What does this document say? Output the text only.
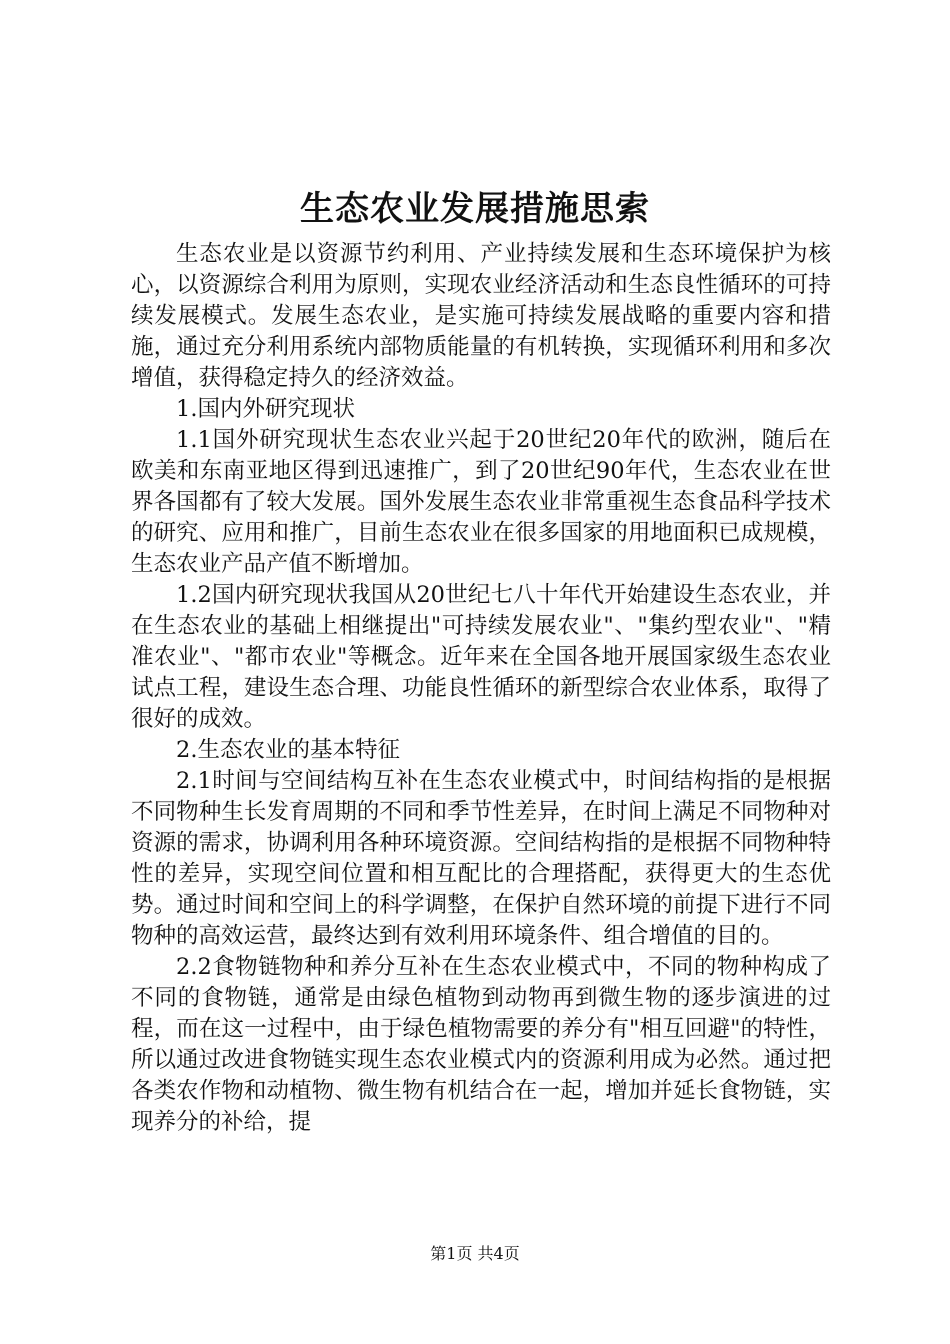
生态农业发展措施思索

生态农业是以资源节约利用、产业持续发展和生态环境保护为核心，以资源综合利用为原则，实现农业经济活动和生态良性循环的可持续发展模式。发展生态农业，是实施可持续发展战略的重要内容和措施，通过充分利用系统内部物质能量的有机转换，实现循环利用和多次增值，获得稳定持久的经济效益。

1.国内外研究现状

1.1国外研究现状生态农业兴起于20世纪20年代的欧洲，随后在欧美和东南亚地区得到迅速推广，到了20世纪90年代，生态农业在世界各国都有了较大发展。国外发展生态农业非常重视生态食品科学技术的研究、应用和推广，目前生态农业在很多国家的用地面积已成规模，生态农业产品产值不断增加。

1.2国内研究现状我国从20世纪七八十年代开始建设生态农业，并在生态农业的基础上相继提出"可持续发展农业"、"集约型农业"、"精准农业"、"都市农业"等概念。近年来在全国各地开展国家级生态农业试点工程，建设生态合理、功能良性循环的新型综合农业体系，取得了很好的成效。

2.生态农业的基本特征

2.1时间与空间结构互补在生态农业模式中，时间结构指的是根据不同物种生长发育周期的不同和季节性差异，在时间上满足不同物种对资源的需求，协调利用各种环境资源。空间结构指的是根据不同物种特性的差异，实现空间位置和相互配比的合理搭配，获得更大的生态优势。通过时间和空间上的科学调整，在保护自然环境的前提下进行不同物种的高效运营，最终达到有效利用环境条件、组合增值的目的。

2.2食物链物种和养分互补在生态农业模式中，不同的物种构成了不同的食物链，通常是由绿色植物到动物再到微生物的逐步演进的过程，而在这一过程中，由于绿色植物需要的养分有"相互回避"的特性，所以通过改进食物链实现生态农业模式内的资源利用成为必然。通过把各类农作物和动植物、微生物有机结合在一起，增加并延长食物链，实现养分的补给，提

第1页 共4页
